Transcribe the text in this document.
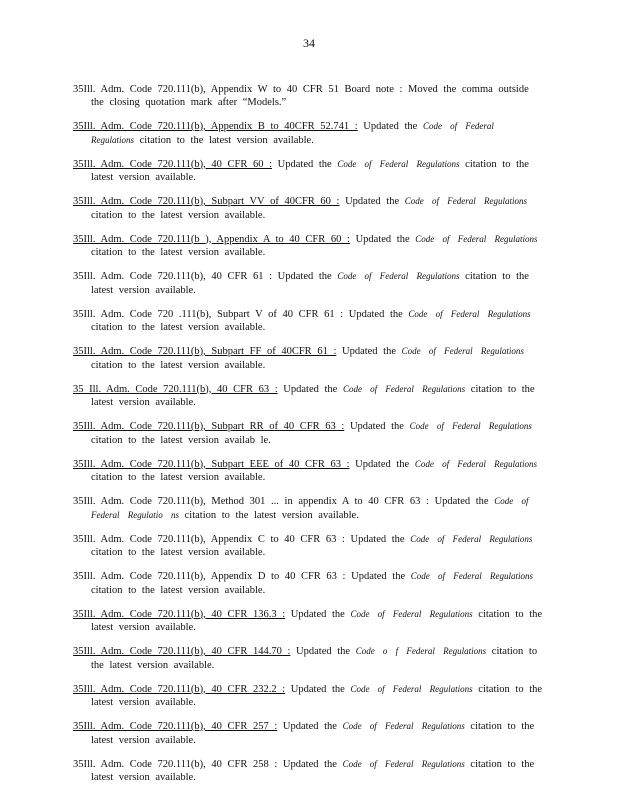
34

35Ill. Adm. Code 720.111(b), Appendix W to 40 CFR 51 Board note : Moved the comma outside the closing quotation mark after “Models.”

35Ill. Adm. Code 720.111(b), Appendix B to 40CFR 52.741 : Updated the Code of Federal Regulations citation to the latest version available.

35Ill. Adm. Code 720.111(b), 40 CFR 60 : Updated the Code of Federal Regulations citation to the latest version available.

35Ill. Adm. Code 720.111(b), Subpart VV of 40CFR 60 : Updated the Code of Federal Regulations citation to the latest version available.

35Ill. Adm. Code 720.111(b ), Appendix A to 40 CFR 60 : Updated the Code of Federal Regulations citation to the latest version available.

35Ill. Adm. Code 720.111(b), 40 CFR 61 : Updated the Code of Federal Regulations citation to the latest version available.

35Ill. Adm. Code 720 .111(b), Subpart V of 40 CFR 61 : Updated the Code of Federal Regulations citation to the latest version available.

35Ill. Adm. Code 720.111(b), Subpart FF of 40CFR 61 : Updated the Code of Federal Regulations citation to the latest version available.

35 Ill. Adm. Code 720.111(b), 40 CFR 63 : Updated the Code of Federal Regulations citation to the latest version available.

35Ill. Adm. Code 720.111(b), Subpart RR of 40 CFR 63 : Updated the Code of Federal Regulations citation to the latest version availab le.

35Ill. Adm. Code 720.111(b), Subpart EEE of 40 CFR 63 : Updated the Code of Federal Regulations citation to the latest version available.

35Ill. Adm. Code 720.111(b), Method 301 ... in appendix A to 40 CFR 63 : Updated the Code of Federal Regulatio ns citation to the latest version available.

35Ill. Adm. Code 720.111(b), Appendix C to 40 CFR 63 : Updated the Code of Federal Regulations citation to the latest version available.

35Ill. Adm. Code 720.111(b), Appendix D to 40 CFR 63 : Updated the Code of Federal Regulations citation to the latest version available.

35Ill. Adm. Code 720.111(b), 40 CFR 136.3 : Updated the Code of Federal Regulations citation to the latest version available.

35Ill. Adm. Code 720.111(b), 40 CFR 144.70 : Updated the Code o f Federal Regulations citation to the latest version available.

35Ill. Adm. Code 720.111(b), 40 CFR 232.2 : Updated the Code of Federal Regulations citation to the latest version available.

35Ill. Adm. Code 720.111(b), 40 CFR 257 : Updated the Code of Federal Regulations citation to the latest version available.

35Ill. Adm. Code 720.111(b), 40 CFR 258 : Updated the Code of Federal Regulations citation to the latest version available.
